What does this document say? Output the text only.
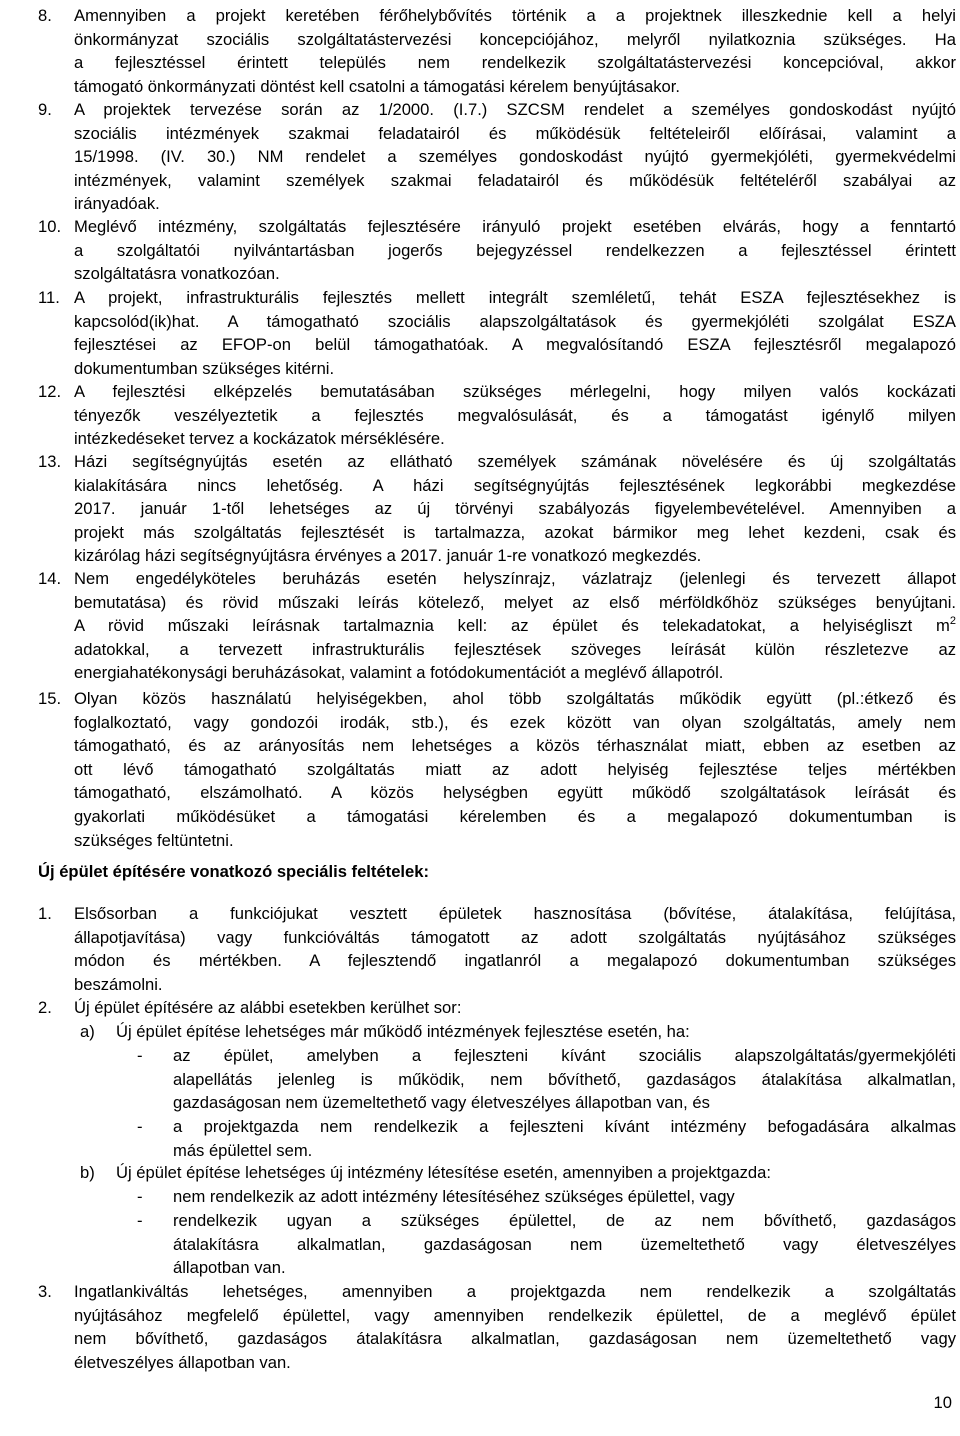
8. Amennyiben a projekt keretében férőhelybővítés történik a a projektnek illeszkednie kell a helyi
önkormányzat szociális szolgáltatástervezési koncepciójához, melyről nyilatkoznia szükséges. Ha
a fejlesztéssel érintett település nem rendelkezik szolgáltatástervezési koncepcióval, akkor
támogató önkormányzati döntést kell csatolni a támogatási kérelem benyújtásakor.
9. A projektek tervezése során az 1/2000. (I.7.) SZCSM rendelet a személyes gondoskodást nyújtó
szociális intézmények szakmai feladatairól és működésük feltételeiről előírásai, valamint a
15/1998. (IV. 30.) NM rendelet a személyes gondoskodást nyújtó gyermekjóléti, gyermekvédelmi
intézmények, valamint személyek szakmai feladatairól és működésük feltételéről szabályai az
irányadóak.
10. Meglévő intézmény, szolgáltatás fejlesztésére irányuló projekt esetében elvárás, hogy a fenntartó
a szolgáltatói nyilvántartásban jogerős bejegyzéssel rendelkezzen a fejlesztéssel érintett
szolgáltatásra vonatkozóan.
11. A projekt, infrastrukturális fejlesztés mellett integrált szemléletű, tehát ESZA fejlesztésekhez is
kapcsolód(ik)hat. A támogatható szociális alapszolgáltatások és gyermekjóléti szolgálat ESZA
fejlesztései az EFOP-on belül támogathatóak. A megvalósítandó ESZA fejlesztésről megalapozó
dokumentumban szükséges kitérni.
12. A fejlesztési elképzelés bemutatásában szükséges mérlegelni, hogy milyen valós kockázati
tényezők veszélyeztetik a fejlesztés megvalósulását, és a támogatást igénylő milyen
intézkedéseket tervez a kockázatok mérséklésére.
13. Házi segítségnyújtás esetén az ellátható személyek számának növelésére és új szolgáltatás
kialakítására nincs lehetőség. A házi segítségnyújtás fejlesztésének legkorábbi megkezdése
2017. január 1-től lehetséges az új törvényi szabályozás figyelembevételével. Amennyiben a
projekt más szolgáltatás fejlesztését is tartalmazza, azokat bármikor meg lehet kezdeni, csak és
kizárólag házi segítségnyújtásra érvényes a 2017. január 1-re vonatkozó megkezdés.
14. Nem engedélyköteles beruházás esetén helyszínrajz, vázlatrajz (jelenlegi és tervezett állapot
bemutatása) és rövid műszaki leírás kötelező, melyet az első mérföldkőhöz szükséges benyújtani.
A rövid műszaki leírásnak tartalmaznia kell: az épület és telekadatokat, a helyiségliszt $m^2$
adatokkal, a tervezett infrastrukturális fejlesztések szöveges leírását külön részletezve az
energiahatékonysági beruházásokat, valamint a fotódokumentációt a meglévő állapotról.
15. Olyan közös használatú helyiségekben, ahol több szolgáltatás működik együtt (pl.:étkező és
foglalkoztató, vagy gondozói irodák, stb.), és ezek között van olyan szolgáltatás, amely nem
támogatható, és az arányosítás nem lehetséges a közös térhasználat miatt, ebben az esetben az
ott lévő támogatható szolgáltatás miatt az adott helyiség fejlesztése teljes mértékben
támogatható, elszámolható. A közös helységben együtt működő szolgáltatások leírását és
gyakorlati működésüket a támogatási kérelemben és a megalapozó dokumentumban is
szükséges feltüntetni.
Új épület építésére vonatkozó speciális feltételek:
1. Elsősorban a funkciójukat vesztett épületek hasznosítása (bővítése, átalakítása, felújítása,
állapotjavítása) vagy funkcióváltás támogatott az adott szolgáltatás nyújtásához szükséges
módon és mértékben. A fejlesztendő ingatlanról a megalapozó dokumentumban szükséges
beszámolni.
2. Új épület építésére az alábbi esetekben kerülhet sor:
a) Új épület építése lehetséges már működő intézmények fejlesztése esetén, ha:
- az épület, amelyben a fejleszteni kívánt szociális alapszolgáltatás/gyermekjóléti
alapellátás jelenleg is működik, nem bővíthető, gazdaságos átalakítása alkalmatlan,
gazdaságosan nem üzemeltethető vagy életveszélyes állapotban van, és
- a projektgazda nem rendelkezik a fejleszteni kívánt intézmény befogadására alkalmas
más épülettel sem.
b) Új épület építése lehetséges új intézmény létesítése esetén, amennyiben a projektgazda:
- nem rendelkezik az adott intézmény létesítéséhez szükséges épülettel, vagy
- rendelkezik ugyan a szükséges épülettel, de az nem bővíthető, gazdaságos
átalakításra alkalmatlan, gazdaságosan nem üzemeltethető vagy életveszélyes
állapotban van.
3. Ingatlankiváltás lehetséges, amennyiben a projektgazda nem rendelkezik a szolgáltatás
nyújtásához megfelelő épülettel, vagy amennyiben rendelkezik épülettel, de a meglévő épület
nem bővíthető, gazdaságos átalakításra alkalmatlan, gazdaságosan nem üzemeltethető vagy
életveszélyes állapotban van.
10
